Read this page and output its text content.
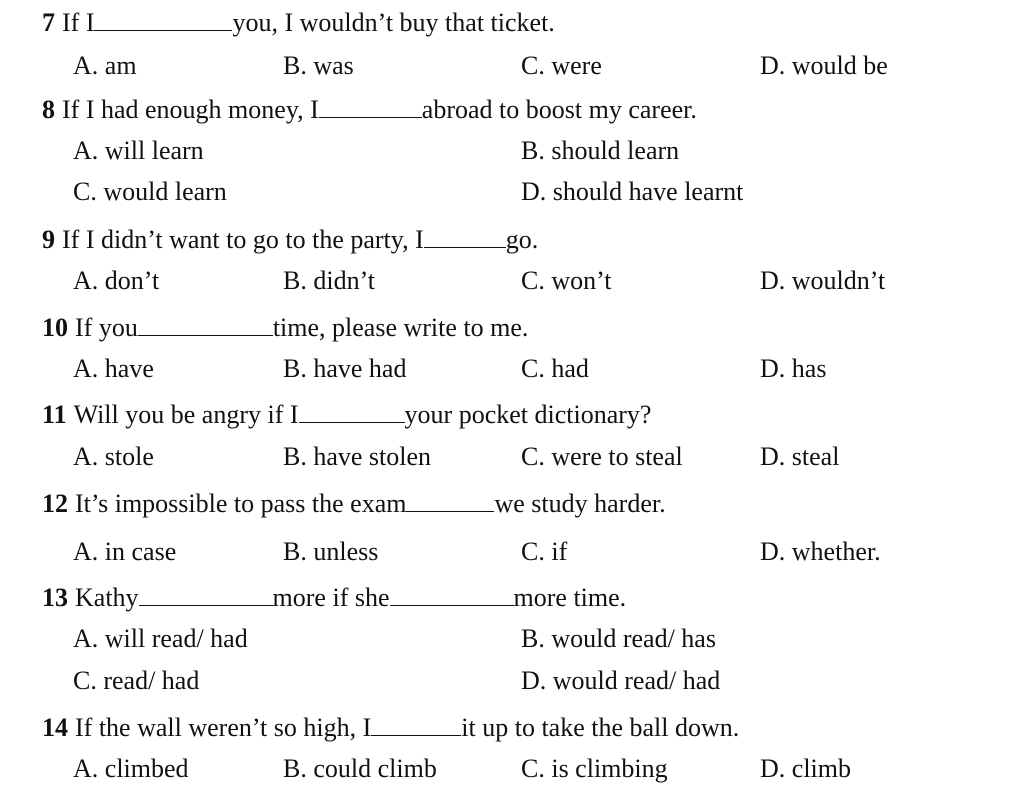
7 If I	you, I wouldn’t buy that ticket.
A. am	B. was	C. were	D. would be
8 If I had enough money, I	abroad to boost my career.
A. will learn	B. should learn
C. would learn	D. should have learnt
9 If I didn’t want to go to the party, I	go.
A. don’t	B. didn’t	C. won’t	D. wouldn’t
10 If you	time, please write to me.
A. have	B. have had	C. had	D. has
11 Will you be angry if I	your pocket dictionary?
A. stole	B. have stolen	C. were to steal	D. steal
12 It’s impossible to pass the exam	we study harder.
A. in case	B. unless	C. if	D. whether.
13 Kathy	more if she	more time.
A. will read/ had	B. would read/ has
C. read/ had	D. would read/ had
14 If the wall weren’t so high, I	it up to take the ball down.
A. climbed	B. could climb	C. is climbing	D. climb
